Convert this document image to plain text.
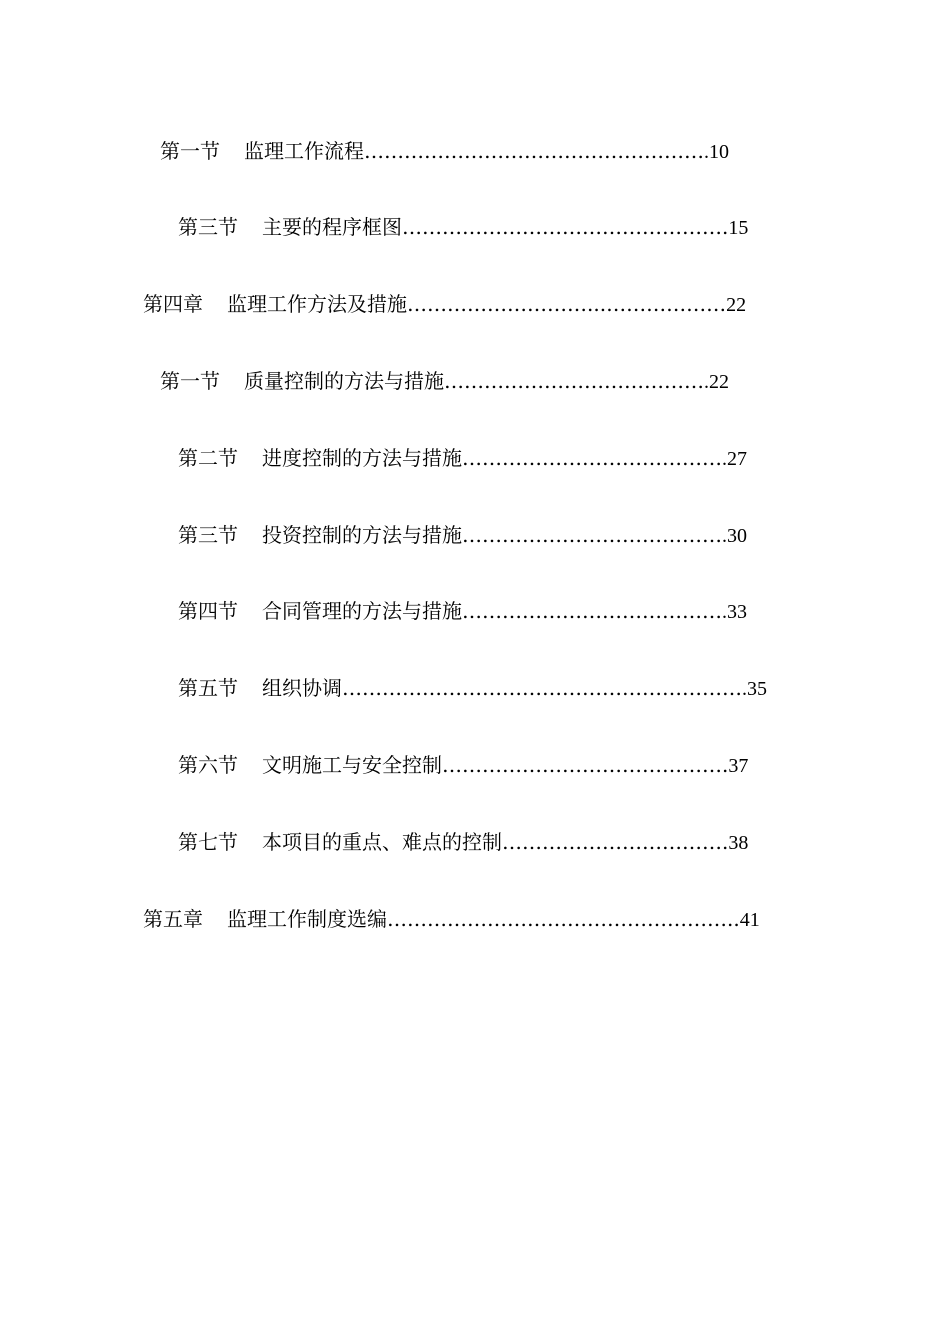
第一节 监理工作流程…………………………………………….10
第三节 主要的程序框图………………………………………….15
第四章 监理工作方法及措施………………………...………………22
第一节 质量控制的方法与措施………………………………….22
第二节 进度控制的方法与措施………………………………….27
第三节 投资控制的方法与措施………………………………….30
第四节 合同管理的方法与措施………………………………….33
第五节 组织协调…………………………………………………….35
第六节 文明施工与安全控制…………………………………….37
第七节 本项目的重点、难点的控制…………………………….38
第五章 监理工作制度选编……………………………………………..41
